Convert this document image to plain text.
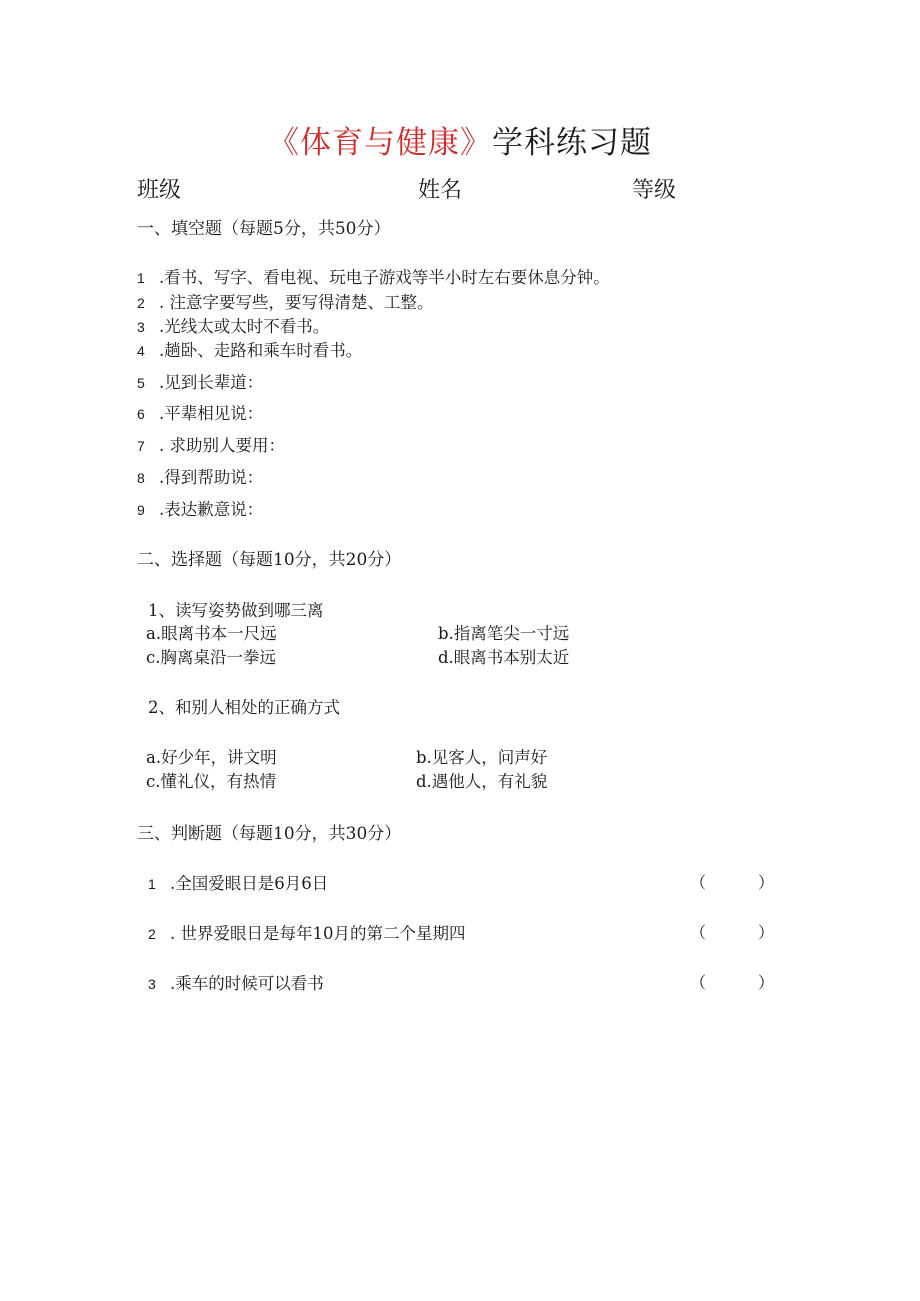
《体育与健康》学科练习题
班级	姓名	等级
一、填空题（每题5分，共50分）
1 .看书、写字、看电视、玩电子游戏等半小时左右要休息分钟。
2 . 注意字要写些，要写得清楚、工整。
3 .光线太或太时不看书。
4 .趟卧、走路和乘车时看书。
5 .见到长辈道：
6 .平辈相见说：
7 . 求助别人要用：
8 .得到帮助说：
9 .表达歉意说：
二、选择题（每题10分，共20分）
1、读写姿势做到哪三离
a.眼离书本一尺远	b.指离笔尖一寸远
c.胸离桌沿一拳远	d.眼离书本别太近
2、和别人相处的正确方式
a.好少年，讲文明	b.见客人，问声好
c.懂礼仪，有热情	d.遇他人，有礼貌
三、判断题（每题10分，共30分）
1 .全国爱眼日是6月6日	（	）
2 . 世界爱眼日是每年10月的第二个星期四	（	）
3 .乘车的时候可以看书	（	）
